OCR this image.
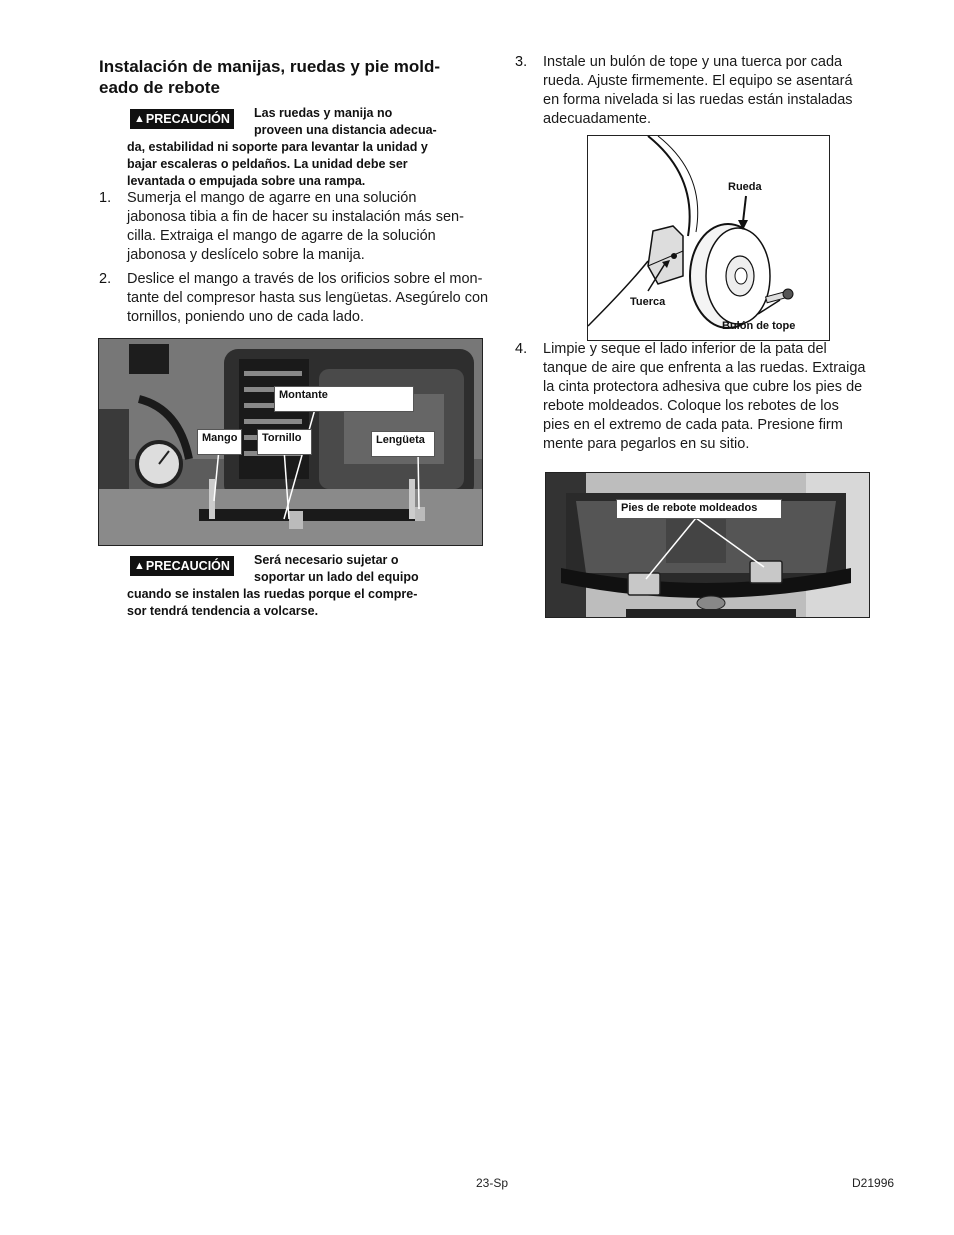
Instalación de manijas, ruedas y pie mold-
eado de rebote
▲PRECAUCIÓN	Las ruedas y manija no
proveen una distancia adecua-
da, estabilidad ni soporte para levantar la unidad y
bajar escaleras o peldaños. La unidad debe ser
levantada o empujada sobre una rampa.
1. Sumerja el mango de agarre en una solución
jabonosa tibia a fin de hacer su instalación más sen-
cilla. Extraiga el mango de agarre de la solución
jabonosa y deslícelo sobre la manija.
2. Deslice el mango a través de los orificios sobre el mon-
tante del compresor hasta sus lengüetas. Asegúrelo con
tornillos, poniendo uno de cada lado.
Montante
Mango	Tornillo	Lengüeta
▲PRECAUCIÓN	Será necesario sujetar o
soportar un lado del equipo
cuando se instalen las ruedas porque el compre-
sor tendrá tendencia a volcarse.
3. Instale un bulón de tope y una tuerca por cada
rueda. Ajuste firmemente. El equipo se asentará
en forma nivelada si las ruedas están instaladas
adecuadamente.
Rueda
Tuerca
Bulón de tope
4. Limpie y seque el lado inferior de la pata del
tanque de aire que enfrenta a las ruedas. Extraiga
la cinta protectora adhesiva que cubre los pies de
rebote moldeados. Coloque los rebotes de los
pies en el extremo de cada pata. Presione firm
mente para pegarlos en su sitio.
Pies de rebote moldeados
23-Sp	D21996
